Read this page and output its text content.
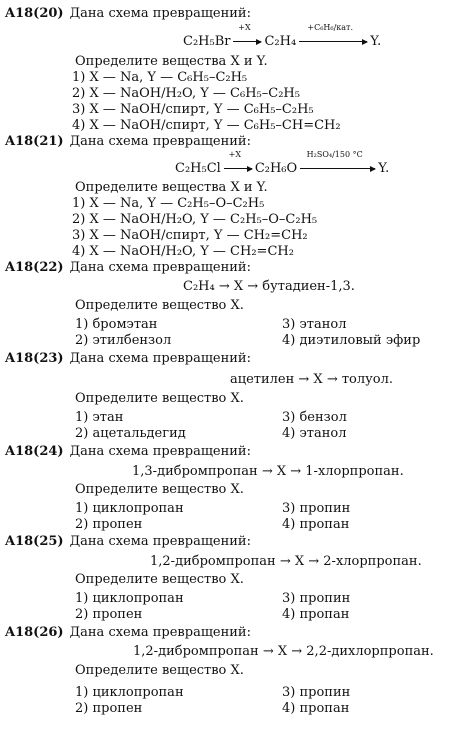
A18(20) Дана схема превращений:
C₂H₅Br
+X
C₂H₄
+C₆H₆/кат.
Y.
Определите вещества X и Y.
1) X — Na, Y — C₆H₅–C₂H₅
2) X — NaOH/H₂O, Y — C₆H₅–C₂H₅
3) X — NaOH/спирт, Y — C₆H₅–C₂H₅
4) X — NaOH/спирт, Y — C₆H₅–CH=CH₂
A18(21) Дана схема превращений:
C₂H₅Cl
+X
C₂H₆O
H₂SO₄/150 °C
Y.
Определите вещества X и Y.
1) X — Na, Y — C₂H₅–O–C₂H₅
2) X — NaOH/H₂O, Y — C₂H₅–O–C₂H₅
3) X — NaOH/спирт, Y — CH₂=CH₂
4) X — NaOH/H₂O, Y — CH₂=CH₂
A18(22) Дана схема превращений:
C₂H₄ → X → бутадиен-1,3.
Определите вещество X.
1) бромэтан
2) этилбензол
3) этанол
4) диэтиловый эфир
A18(23) Дана схема превращений:
ацетилен → X → толуол.
Определите вещество X.
1) этан
2) ацетальдегид
3) бензол
4) этанол
A18(24) Дана схема превращений:
1,3-дибромпропан → X → 1-хлорпропан.
Определите вещество X.
1) циклопропан
2) пропен
3) пропин
4) пропан
A18(25) Дана схема превращений:
1,2-дибромпропан → X → 2-хлорпропан.
Определите вещество X.
1) циклопропан
2) пропен
3) пропин
4) пропан
A18(26) Дана схема превращений:
1,2-дибромпропан → X → 2,2-дихлорпропан.
Определите вещество X.
1) циклопропан
2) пропен
3) пропин
4) пропан
